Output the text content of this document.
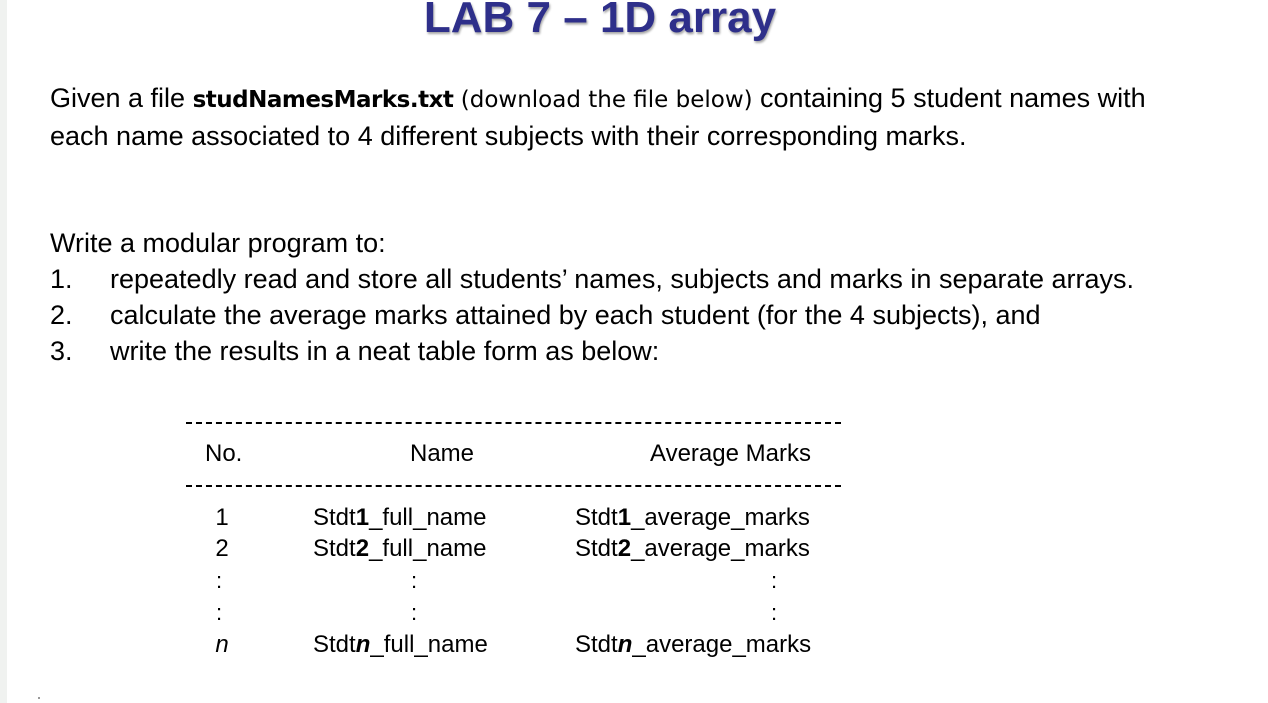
LAB 7 – 1D array
Given a file studNamesMarks.txt (download the file below) containing 5 student names with each name associated to 4 different subjects with their corresponding marks.
Write a modular program to:
1.	repeatedly read and store all students’ names, subjects and marks in separate arrays.
2.	calculate the average marks attained by each student (for the 4 subjects), and
3.	write the results in a neat table form as below:
No.	Name	Average Marks
1	Stdt1_full_name	Stdt1_average_marks
2	Stdt2_full_name	Stdt2_average_marks
:	:	:
:	:	:
n	Stdtn_full_name	Stdtn_average_marks
